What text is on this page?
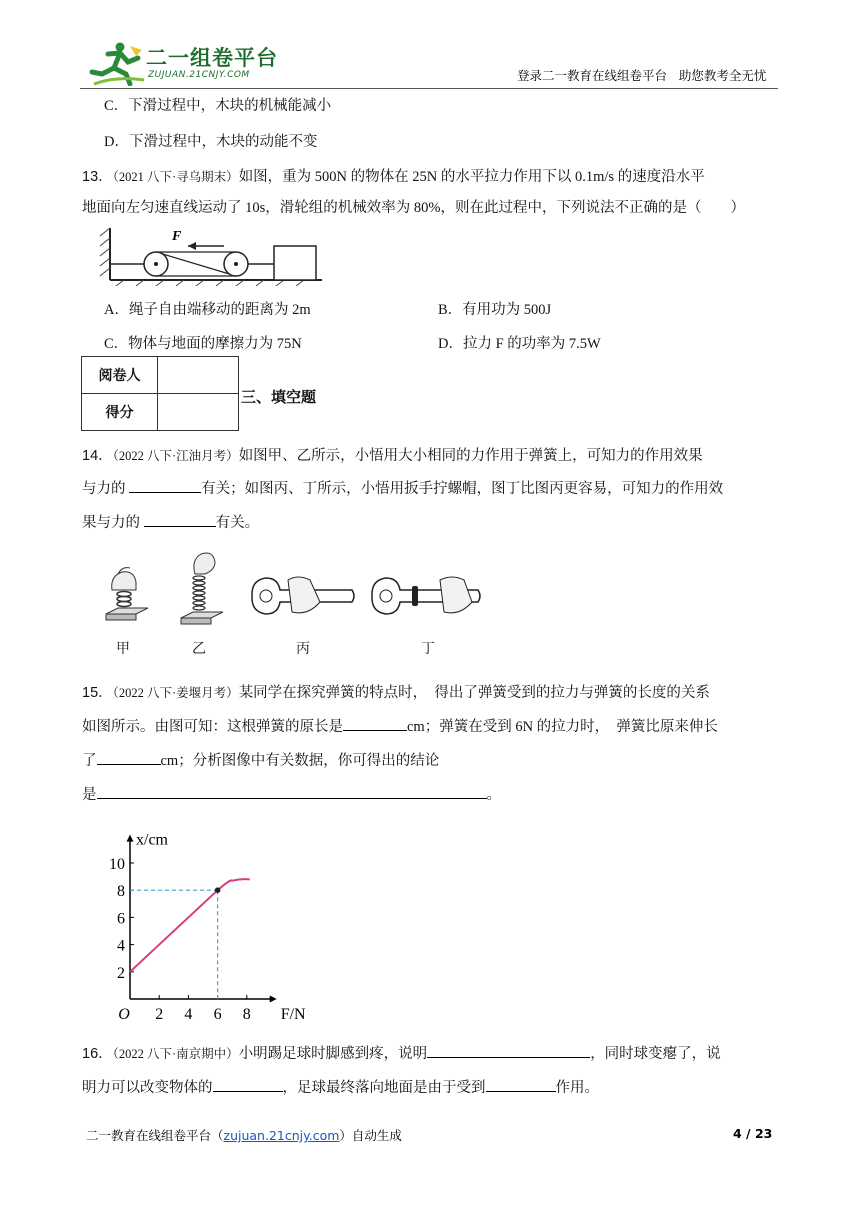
二一组卷平台
ZUJUAN.21CNJY.COM	登录二一教育在线组卷平台   助您教考全无忧
C．下滑过程中，木块的机械能减小
D．下滑过程中，木块的动能不变
13．（2021 八下·寻乌期末）如图，重为 500N 的物体在 25N 的水平拉力作用下以 0.1m/s 的速度沿水平
地面向左匀速直线运动了 10s，滑轮组的机械效率为 80%，则在此过程中，下列说法不正确的是（　　）
F
A．绳子自由端移动的距离为 2m	B．有用功为 500J
C．物体与地面的摩擦力为 75N	D．拉力 F 的功率为 7.5W
阅卷人	
得分	
三、填空题
14．（2022 八下·江油月考）如图甲、乙所示，小悟用大小相同的力作用于弹簧上，可知力的作用效果
与力的	有关；如图丙、丁所示，小悟用扳手拧螺帽，图丁比图丙更容易，可知力的作用效
果与力的	有关。
甲	乙	丙	丁
15．（2022 八下·姜堰月考）某同学在探究弹簧的特点时，　得出了弹簧受到的拉力与弹簧的长度的关系
如图所示。由图可知：这根弹簧的原长是	cm；弹簧在受到 6N 的拉力时，　弹簧比原来伸长
了	cm；分析图像中有关数据，你可得出的结论
是	。
2 4 6 8
2
4
6
8
10
O
x/cm
F/N
16．（2022 八下·南京期中）小明踢足球时脚感到疼，说明	，同时球变瘪了，说
明力可以改变物体的	，足球最终落向地面是由于受到	作用。
二一教育在线组卷平台（zujuan.21cnjy.com）自动生成	4 / 23
